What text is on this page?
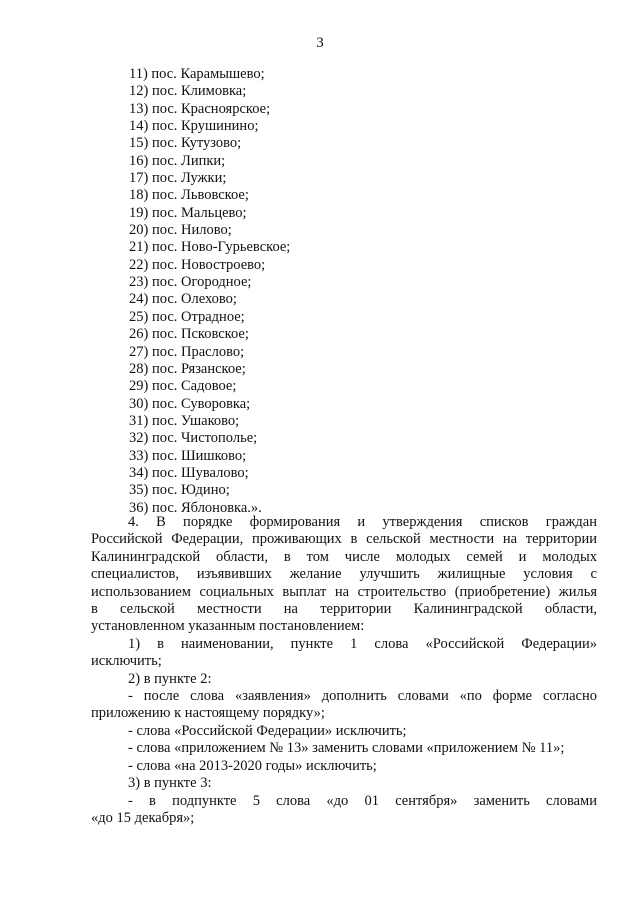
3
11) пос. Карамышево;
12) пос. Климовка;
13) пос. Красноярское;
14) пос. Крушинино;
15) пос. Кутузово;
16) пос. Липки;
17) пос. Лужки;
18) пос. Львовское;
19) пос. Мальцево;
20) пос. Нилово;
21) пос. Ново-Гурьевское;
22) пос. Новостроево;
23) пос. Огородное;
24) пос. Олехово;
25) пос. Отрадное;
26) пос. Псковское;
27) пос. Праслово;
28) пос. Рязанское;
29) пос. Садовое;
30) пос. Суворовка;
31) пос. Ушаково;
32) пос. Чистополье;
33) пос. Шишково;
34) пос. Шувалово;
35) пос. Юдино;
36) пос. Яблоновка.».
4. В порядке формирования и утверждения списков граждан
Российской Федерации, проживающих в сельской местности на территории
Калининградской области, в том числе молодых семей и молодых
специалистов, изъявивших желание улучшить жилищные условия с
использованием социальных выплат на строительство (приобретение) жилья
в сельской местности на территории Калининградской области,
установленном указанным постановлением:
1) в наименовании, пункте 1 слова «Российской Федерации»
исключить;
2) в пункте 2:
- после слова «заявления» дополнить словами «по форме согласно
приложению к настоящему порядку»;
- слова «Российской Федерации» исключить;
- слова «приложением № 13» заменить словами «приложением № 11»;
- слова «на 2013-2020 годы» исключить;
3) в пункте 3:
- в подпункте 5 слова «до 01 сентября» заменить словами
«до 15 декабря»;
